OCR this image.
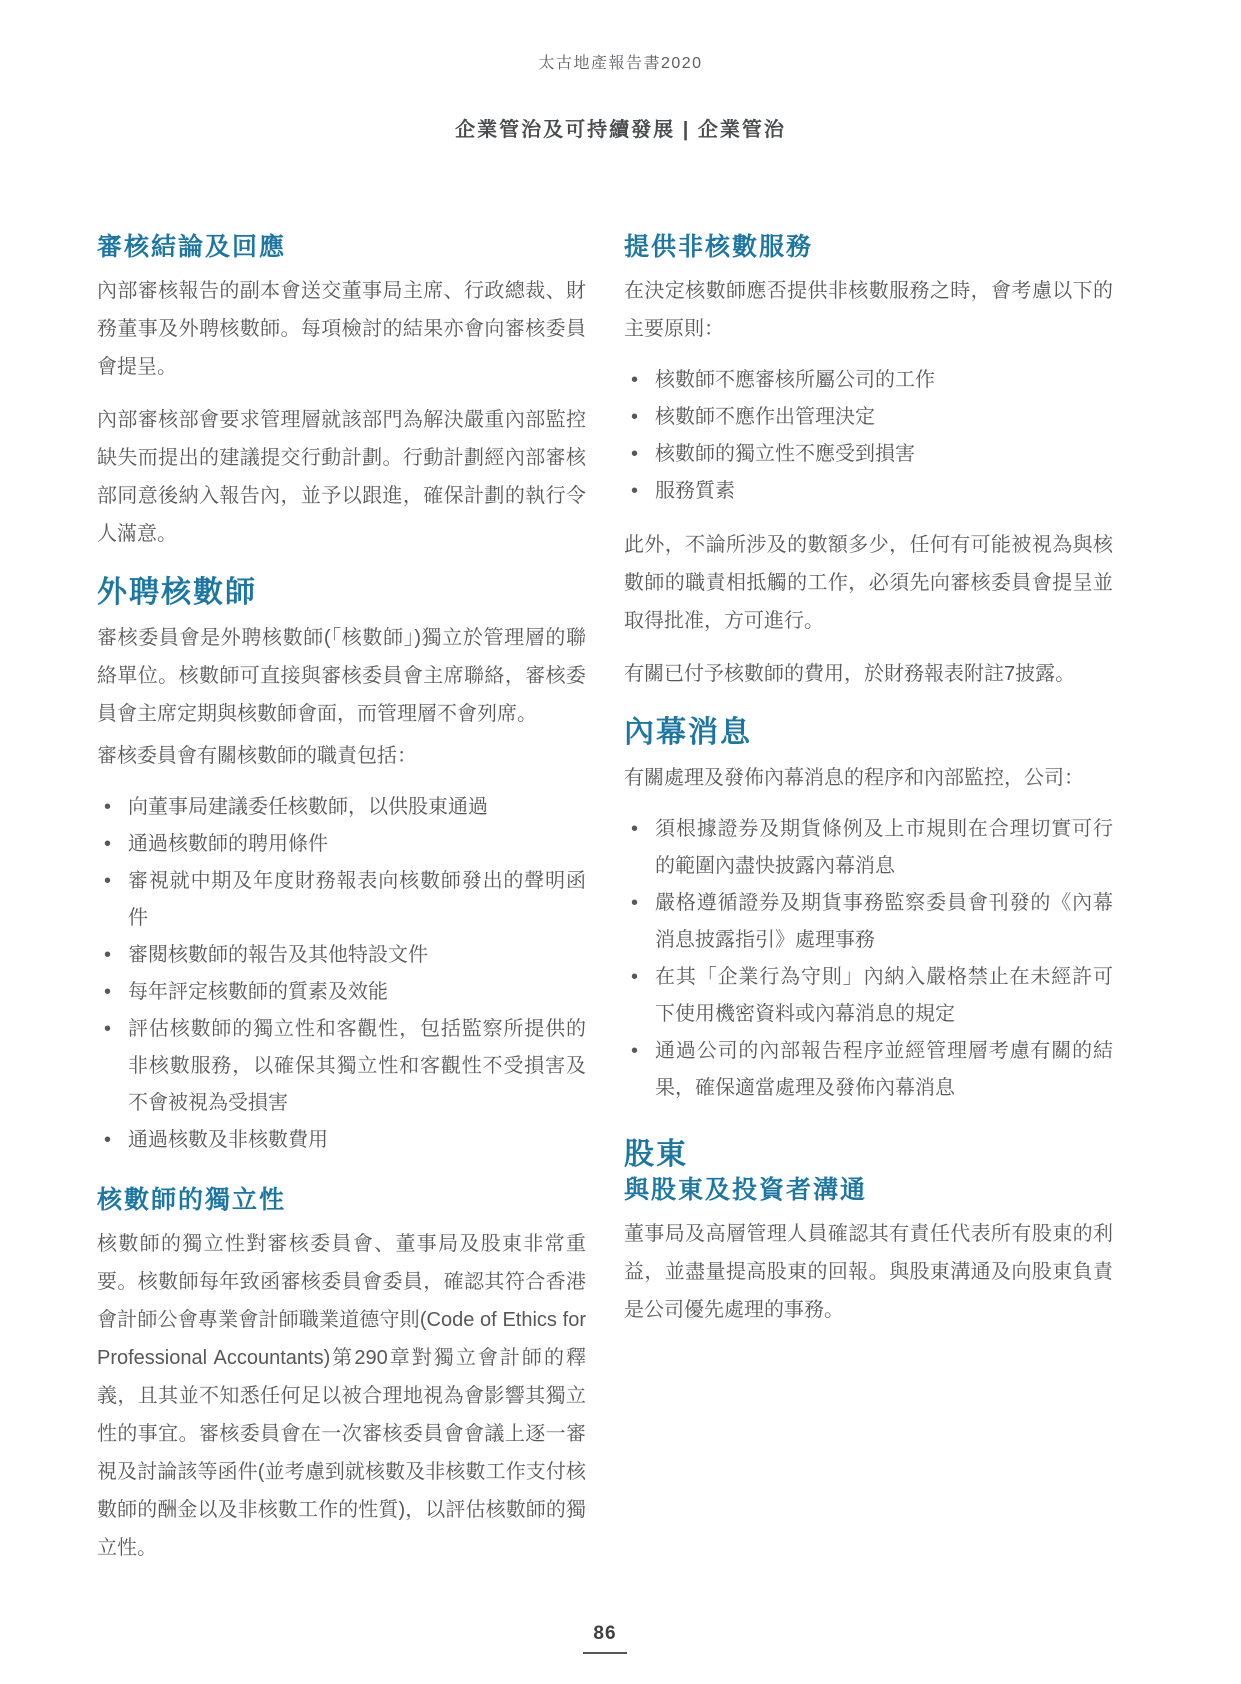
太古地產報告書2020
企業管治及可持續發展 | 企業管治
審核結論及回應

內部審核報告的副本會送交董事局主席、行政總裁、財務董事及外聘核數師。每項檢討的結果亦會向審核委員會提呈。

內部審核部會要求管理層就該部門為解決嚴重內部監控缺失而提出的建議提交行動計劃。行動計劃經內部審核部同意後納入報告內，並予以跟進，確保計劃的執行令人滿意。

外聘核數師

審核委員會是外聘核數師(「核數師」)獨立於管理層的聯絡單位。核數師可直接與審核委員會主席聯絡，審核委員會主席定期與核數師會面，而管理層不會列席。

審核委員會有關核數師的職責包括：

• 向董事局建議委任核數師，以供股東通過
• 通過核數師的聘用條件
• 審視就中期及年度財務報表向核數師發出的聲明函件
• 審閱核數師的報告及其他特設文件
• 每年評定核數師的質素及效能
• 評估核數師的獨立性和客觀性，包括監察所提供的非核數服務，以確保其獨立性和客觀性不受損害及不會被視為受損害
• 通過核數及非核數費用
核數師的獨立性

核數師的獨立性對審核委員會、董事局及股東非常重要。核數師每年致函審核委員會委員，確認其符合香港會計師公會專業會計師職業道德守則(Code of Ethics for Professional Accountants)第290章對獨立會計師的釋義，且其並不知悉任何足以被合理地視為會影響其獨立性的事宜。審核委員會在一次審核委員會會議上逐一審視及討論該等函件(並考慮到就核數及非核數工作支付核數師的酬金以及非核數工作的性質)，以評估核數師的獨立性。

提供非核數服務

在決定核數師應否提供非核數服務之時，會考慮以下的主要原則：

• 核數師不應審核所屬公司的工作
• 核數師不應作出管理決定
• 核數師的獨立性不應受到損害
• 服務質素

此外，不論所涉及的數額多少，任何有可能被視為與核數師的職責相抵觸的工作，必須先向審核委員會提呈並取得批准，方可進行。

有關已付予核數師的費用，於財務報表附註7披露。

內幕消息

有關處理及發佈內幕消息的程序和內部監控，公司：

• 須根據證券及期貨條例及上市規則在合理切實可行的範圍內盡快披露內幕消息
• 嚴格遵循證券及期貨事務監察委員會刊發的《內幕消息披露指引》處理事務
• 在其「企業行為守則」內納入嚴格禁止在未經許可下使用機密資料或內幕消息的規定
• 通過公司的內部報告程序並經管理層考慮有關的結果，確保適當處理及發佈內幕消息
股東
與股東及投資者溝通

董事局及高層管理人員確認其有責任代表所有股東的利益，並盡量提高股東的回報。與股東溝通及向股東負責是公司優先處理的事務。

86
